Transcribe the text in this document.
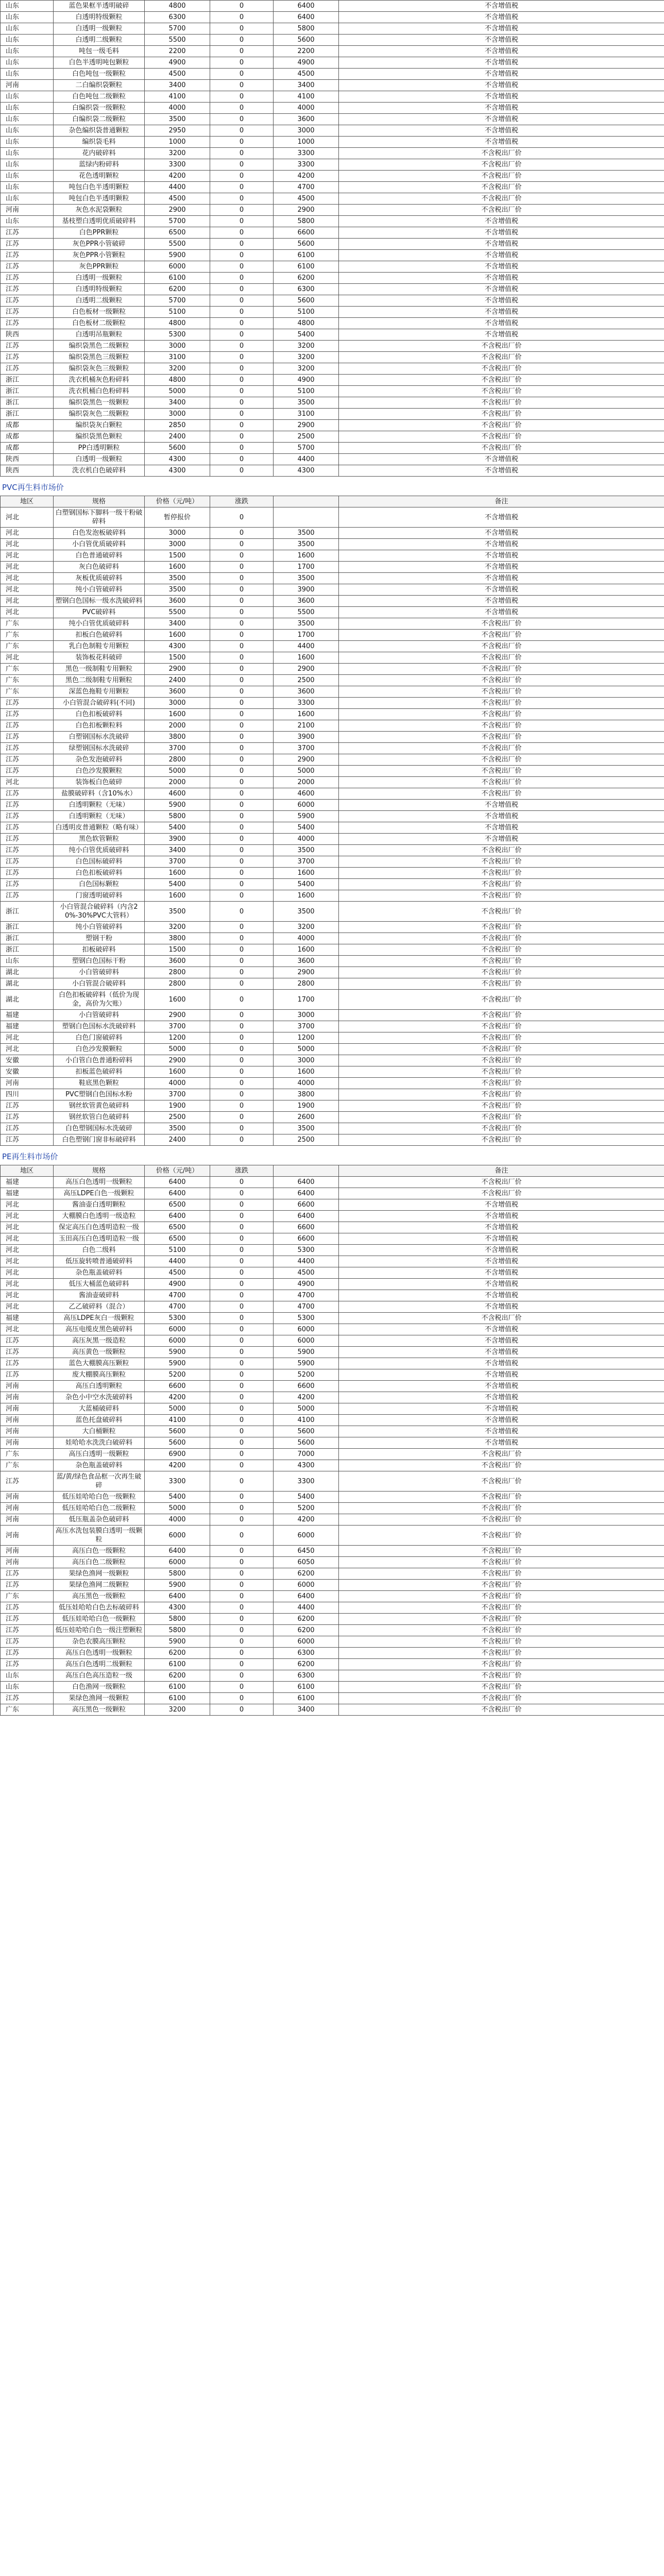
山东	蓝色果框半透明破碎	4800	0	6400	不含增值税
山东	白透明特级颗粒	6300	0	6400	不含增值税
山东	白透明一级颗粒	5700	0	5800	不含增值税
山东	白透明二级颗粒	5500	0	5600	不含增值税
山东	吨包一级毛料	2200	0	2200	不含增值税
山东	白色半透明吨包颗粒	4900	0	4900	不含增值税
山东	白色吨包一级颗粒	4500	0	4500	不含增值税
河南	二白编织袋颗粒	3400	0	3400	不含增值税
山东	白色吨包二级颗粒	4100	0	4100	不含增值税
山东	白编织袋一级颗粒	4000	0	4000	不含增值税
山东	白编织袋二级颗粒	3500	0	3600	不含增值税
山东	杂色编织袋普通颗粒	2950	0	3000	不含增值税
山东	编织袋毛料	1000	0	1000	不含增值税
山东	花内破碎料	3200	0	3300	不含税出厂价
山东	蓝绿内粉碎料	3300	0	3300	不含税出厂价
山东	花色透明颗粒	4200	0	4200	不含税出厂价
山东	吨包白色半透明颗粒	4400	0	4700	不含税出厂价
山东	吨包白色半透明颗粒	4500	0	4500	不含税出厂价
河南	灰色水泥袋颗粒	2900	0	2900	不含税出厂价
山东	基枝塑白透明优质破碎料	5700	0	5800	不含增值税
江苏	白色PPR颗粒	6500	0	6600	不含增值税
江苏	灰色PPR小管破碎	5500	0	5600	不含增值税
江苏	灰色PPR小管颗粒	5900	0	6100	不含增值税
江苏	灰色PPR颗粒	6000	0	6100	不含增值税
江苏	白透明一级颗粒	6100	0	6200	不含增值税
江苏	白透明特级颗粒	6200	0	6300	不含增值税
江苏	白透明二级颗粒	5700	0	5600	不含增值税
江苏	白色板材一级颗粒	5100	0	5100	不含增值税
江苏	白色板材二级颗粒	4800	0	4800	不含增值税
陕西	白透明吊瓶颗粒	5300	0	5400	不含增值税
江苏	编织袋黑色二级颗粒	3000	0	3200	不含税出厂价
江苏	编织袋黑色三级颗粒	3100	0	3200	不含税出厂价
江苏	编织袋灰色三级颗粒	3200	0	3200	不含税出厂价
浙江	洗衣机桶灰色粉碎料	4800	0	4900	不含税出厂价
浙江	洗衣机桶白色粉碎料	5000	0	5100	不含税出厂价
浙江	编织袋黑色一级颗粒	3400	0	3500	不含税出厂价
浙江	编织袋灰色二级颗粒	3000	0	3100	不含税出厂价
成都	编织袋灰白颗粒	2850	0	2900	不含税出厂价
成都	编织袋黑色颗粒	2400	0	2500	不含税出厂价
成都	PP白透明颗粒	5600	0	5700	不含税出厂价
陕西	白透明一级颗粒	4300	0	4400	不含增值税
陕西	洗衣机白色破碎料	4300	0	4300	不含增值税
PVC再生料市场价
地区	规格	价格（元/吨）	涨跌		备注
河北	白塑钢国标下脚料一级干粉破碎料	暂停报价	0		不含增值税
河北	白色发泡板破碎料	3000	0	3500	不含增值税
河北	小白管优质破碎料	3000	0	3500	不含增值税
河北	白色普通破碎料	1500	0	1600	不含增值税
河北	灰白色破碎料	1600	0	1700	不含增值税
河北	灰板优质破碎料	3500	0	3500	不含增值税
河北	纯小白管破碎料	3500	0	3900	不含增值税
河北	塑钢白色国标一级水洗破碎料	3600	0	3600	不含增值税
河北	PVC破碎料	5500	0	5500	不含增值税
广东	纯小白管优质破碎料	3400	0	3500	不含税出厂价
广东	扣板白色破碎料	1600	0	1700	不含税出厂价
广东	乳白色制鞋专用颗粒	4300	0	4400	不含税出厂价
河北	装饰板花料破碎	1500	0	1600	不含税出厂价
广东	黑色一级制鞋专用颗粒	2900	0	2900	不含税出厂价
广东	黑色二级制鞋专用颗粒	2400	0	2500	不含税出厂价
广东	深蓝色拖鞋专用颗粒	3600	0	3600	不含税出厂价
江苏	小白管混合破碎料(不同)	3000	0	3300	不含税出厂价
江苏	白色扣板破碎料	1600	0	1600	不含税出厂价
江苏	白色扣板颗粒料	2000	0	2100	不含税出厂价
江苏	白塑钢国标水洗破碎	3800	0	3900	不含税出厂价
江苏	绿塑钢国标水洗破碎	3700	0	3700	不含税出厂价
江苏	杂色发泡破碎料	2800	0	2900	不含税出厂价
江苏	白色沙发膜颗粒	5000	0	5000	不含税出厂价
河北	装饰板白色破碎	2000	0	2000	不含税出厂价
江苏	盐膜破碎料（含10%水）	4600	0	4600	不含税出厂价
江苏	白透明颗粒（无味）	5900	0	6000	不含增值税
江苏	白透明颗粒（无味）	5800	0	5900	不含增值税
江苏	白透明皮普通颗粒（略有味）	5400	0	5400	不含增值税
江苏	黑色软管颗粒	3900	0	4000	不含增值税
江苏	纯小白管优质破碎料	3400	0	3500	不含税出厂价
江苏	白色国标破碎料	3700	0	3700	不含税出厂价
江苏	白色扣板破碎料	1600	0	1600	不含税出厂价
江苏	白色国标颗粒	5400	0	5400	不含税出厂价
江苏	门窗透明破碎料	1600	0	1600	不含税出厂价
浙江	小白管混合破碎料（内含20%-30%PVC大管料）	3500	0	3500	不含税出厂价
浙江	纯小白管破碎料	3200	0	3200	不含税出厂价
浙江	塑钢干粉	3800	0	4000	不含税出厂价
浙江	扣板破碎料	1500	0	1600	不含税出厂价
山东	塑钢白色国标干粉	3600	0	3600	不含税出厂价
湖北	小白管破碎料	2800	0	2900	不含税出厂价
湖北	小白管混合破碎料	2800	0	2800	不含税出厂价
湖北	白色扣板破碎料（低价为现金，高价为欠账）	1600	0	1700	不含税出厂价
福建	小白管破碎料	2900	0	3000	不含税出厂价
福建	塑钢白色国标水洗破碎料	3700	0	3700	不含税出厂价
河北	白色门窗破碎料	1200	0	1200	不含税出厂价
河北	白色沙发膜颗粒	5000	0	5000	不含税出厂价
安徽	小白管白色普通粉碎料	2900	0	3000	不含税出厂价
安徽	扣板蓝色破碎料	1600	0	1600	不含税出厂价
河南	鞋底黑色颗粒	4000	0	4000	不含税出厂价
四川	PVC塑钢白色国标水粉	3700	0	3800	不含税出厂价
江苏	钢丝软管黄色破碎料	1900	0	1900	不含税出厂价
江苏	钢丝软管白色破碎料	2500	0	2600	不含税出厂价
江苏	白色塑钢国标水洗破碎	3500	0	3500	不含税出厂价
江苏	白色塑钢门窗非标破碎料	2400	0	2500	不含税出厂价
PE再生料市场价
地区	规格	价格（元/吨）	涨跌		备注
福建	高压白色透明一级颗粒	6400	0	6400	不含税出厂价
福建	高压LDPE白色一级颗粒	6400	0	6400	不含税出厂价
河北	酱油壶白透明颗粒	6500	0	6600	不含增值税
河北	大棚膜白色透明一级造粒	6400	0	6400	不含增值税
河北	保定高压白色透明造粒一级	6500	0	6600	不含增值税
河北	玉田高压白色透明造粒一级	6500	0	6600	不含增值税
河北	白色二级料	5100	0	5300	不含增值税
河北	低压旋转喷普通破碎料	4400	0	4400	不含增值税
河北	杂色瓶盖破碎料	4500	0	4500	不含增值税
河北	低压大桶蓝色破碎料	4900	0	4900	不含增值税
河北	酱油壶破碎料	4700	0	4700	不含增值税
河北	乙乙破碎料（混合）	4700	0	4700	不含增值税
福建	高压LDPE灰白一级颗粒	5300	0	5300	不含税出厂价
河北	高压电缆皮黑色破碎料	6000	0	6000	不含增值税
江苏	高压灰黑一级造粒	6000	0	6000	不含增值税
江苏	高压黄色一级颗粒	5900	0	5900	不含增值税
江苏	蓝色大棚膜高压颗粒	5900	0	5900	不含增值税
江苏	废大棚膜高压颗粒	5200	0	5200	不含增值税
河南	高压白透明颗粒	6600	0	6600	不含增值税
河南	杂色小中空水洗破碎料	4200	0	4200	不含增值税
河南	大蓝桶破碎料	5000	0	5000	不含增值税
河南	蓝色托盘破碎料	4100	0	4100	不含增值税
河南	大白桶颗粒	5600	0	5600	不含增值税
河南	娃哈哈水洗洗白破碎料	5600	0	5600	不含增值税
广东	高压白透明一级颗粒	6900	0	7000	不含税出厂价
广东	杂色瓶盖破碎料	4200	0	4300	不含税出厂价
江苏	蓝/黄/绿色食品框一次再生破碎	3300	0	3300	不含税出厂价
河南	低压娃哈哈白色一级颗粒	5400	0	5400	不含税出厂价
河南	低压娃哈哈白色二级颗粒	5000	0	5200	不含税出厂价
河南	低压瓶盖杂色破碎料	4000	0	4200	不含税出厂价
河南	高压水洗包装膜白透明一级颗粒	6000	0	6000	不含税出厂价
河南	高压白色一级颗粒	6400	0	6450	不含税出厂价
河南	高压白色二级颗粒	6000	0	6050	不含税出厂价
江苏	果绿色渔网一级颗粒	5800	0	6200	不含税出厂价
江苏	果绿色渔网二级颗粒	5900	0	6000	不含税出厂价
广东	高压黑色一级颗粒	6400	0	6400	不含税出厂价
江苏	低压娃哈哈白色去标破碎料	4300	0	4400	不含税出厂价
江苏	低压娃哈哈白色一级颗粒	5800	0	6200	不含税出厂价
江苏	低压娃哈哈白色一级注塑颗粒	5800	0	6200	不含税出厂价
江苏	杂色农膜高压颗粒	5900	0	6000	不含税出厂价
江苏	高压白色透明一级颗粒	6200	0	6300	不含税出厂价
江苏	高压白色透明二级颗粒	6100	0	6200	不含税出厂价
山东	高压白色高压造粒一级	6200	0	6300	不含税出厂价
山东	白色渔网一级颗粒	6100	0	6100	不含税出厂价
江苏	果绿色渔网一级颗粒	6100	0	6100	不含税出厂价
广东	高压黑色一级颗粒	3200	0	3400	不含税出厂价
